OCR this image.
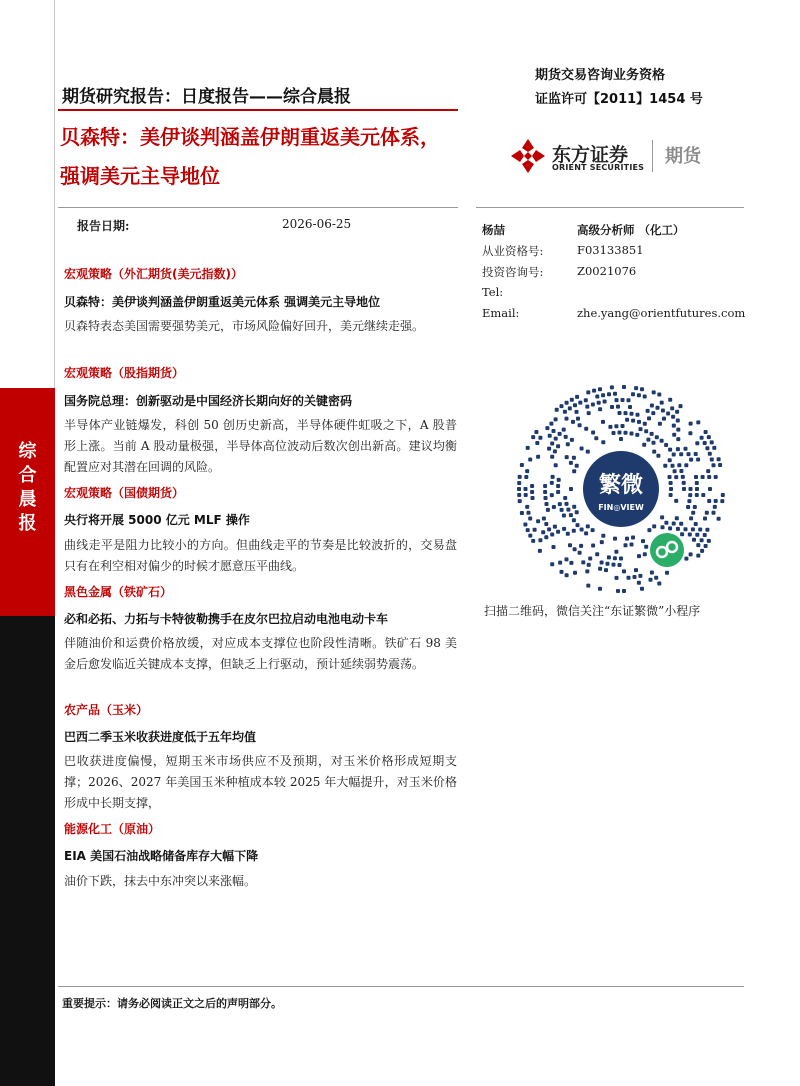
综
合
晨
报
期货研究报告：日度报告——综合晨报
贝森特：美伊谈判涵盖伊朗重返美元体系，
强调美元主导地位
期货交易咨询业务资格
证监许可【2011】1454 号
东方证券
ORIENT SECURITIES
期货
报告日期:	2026-06-25	杨喆	高级分析师 （化工）
从业资格号:	F03133851
投资咨询号:	Z0021076
Tel:
Email:	zhe.yang@orientfutures.com
宏观策略（外汇期货(美元指数)）
贝森特：美伊谈判涵盖伊朗重返美元体系 强调美元主导地位
贝森特表态美国需要强势美元，市场风险偏好回升，美元继续走强。
宏观策略（股指期货）
国务院总理：创新驱动是中国经济长期向好的关键密码
半导体产业链爆发，科创 50 创历史新高，半导体硬件虹吸之下，A 股普形上涨。当前 A 股动量极强，半导体高位波动后数次创出新高。建议均衡配置应对其潜在回调的风险。
宏观策略（国债期货）
央行将开展 5000 亿元 MLF 操作
曲线走平是阻力比较小的方向。但曲线走平的节奏是比较波折的，交易盘只有在利空相对偏少的时候才愿意压平曲线。
黑色金属（铁矿石）
必和必拓、力拓与卡特彼勒携手在皮尔巴拉启动电池电动卡车
伴随油价和运费价格放缓，对应成本支撑位也阶段性清晰。铁矿石 98 美金后愈发临近关键成本支撑，但缺乏上行驱动，预计延续弱势震荡。
农产品（玉米）
巴西二季玉米收获进度低于五年均值
巴收获进度偏慢，短期玉米市场供应不及预期，对玉米价格形成短期支撑；2026、2027 年美国玉米种植成本较 2025 年大幅提升，对玉米价格形成中长期支撑，
能源化工（原油）
EIA 美国石油战略储备库存大幅下降
油价下跌，抹去中东冲突以来涨幅。
繁微
FIN◎VIEW
扫描二维码，微信关注“东证繁微”小程序
重要提示：请务必阅读正文之后的声明部分。
